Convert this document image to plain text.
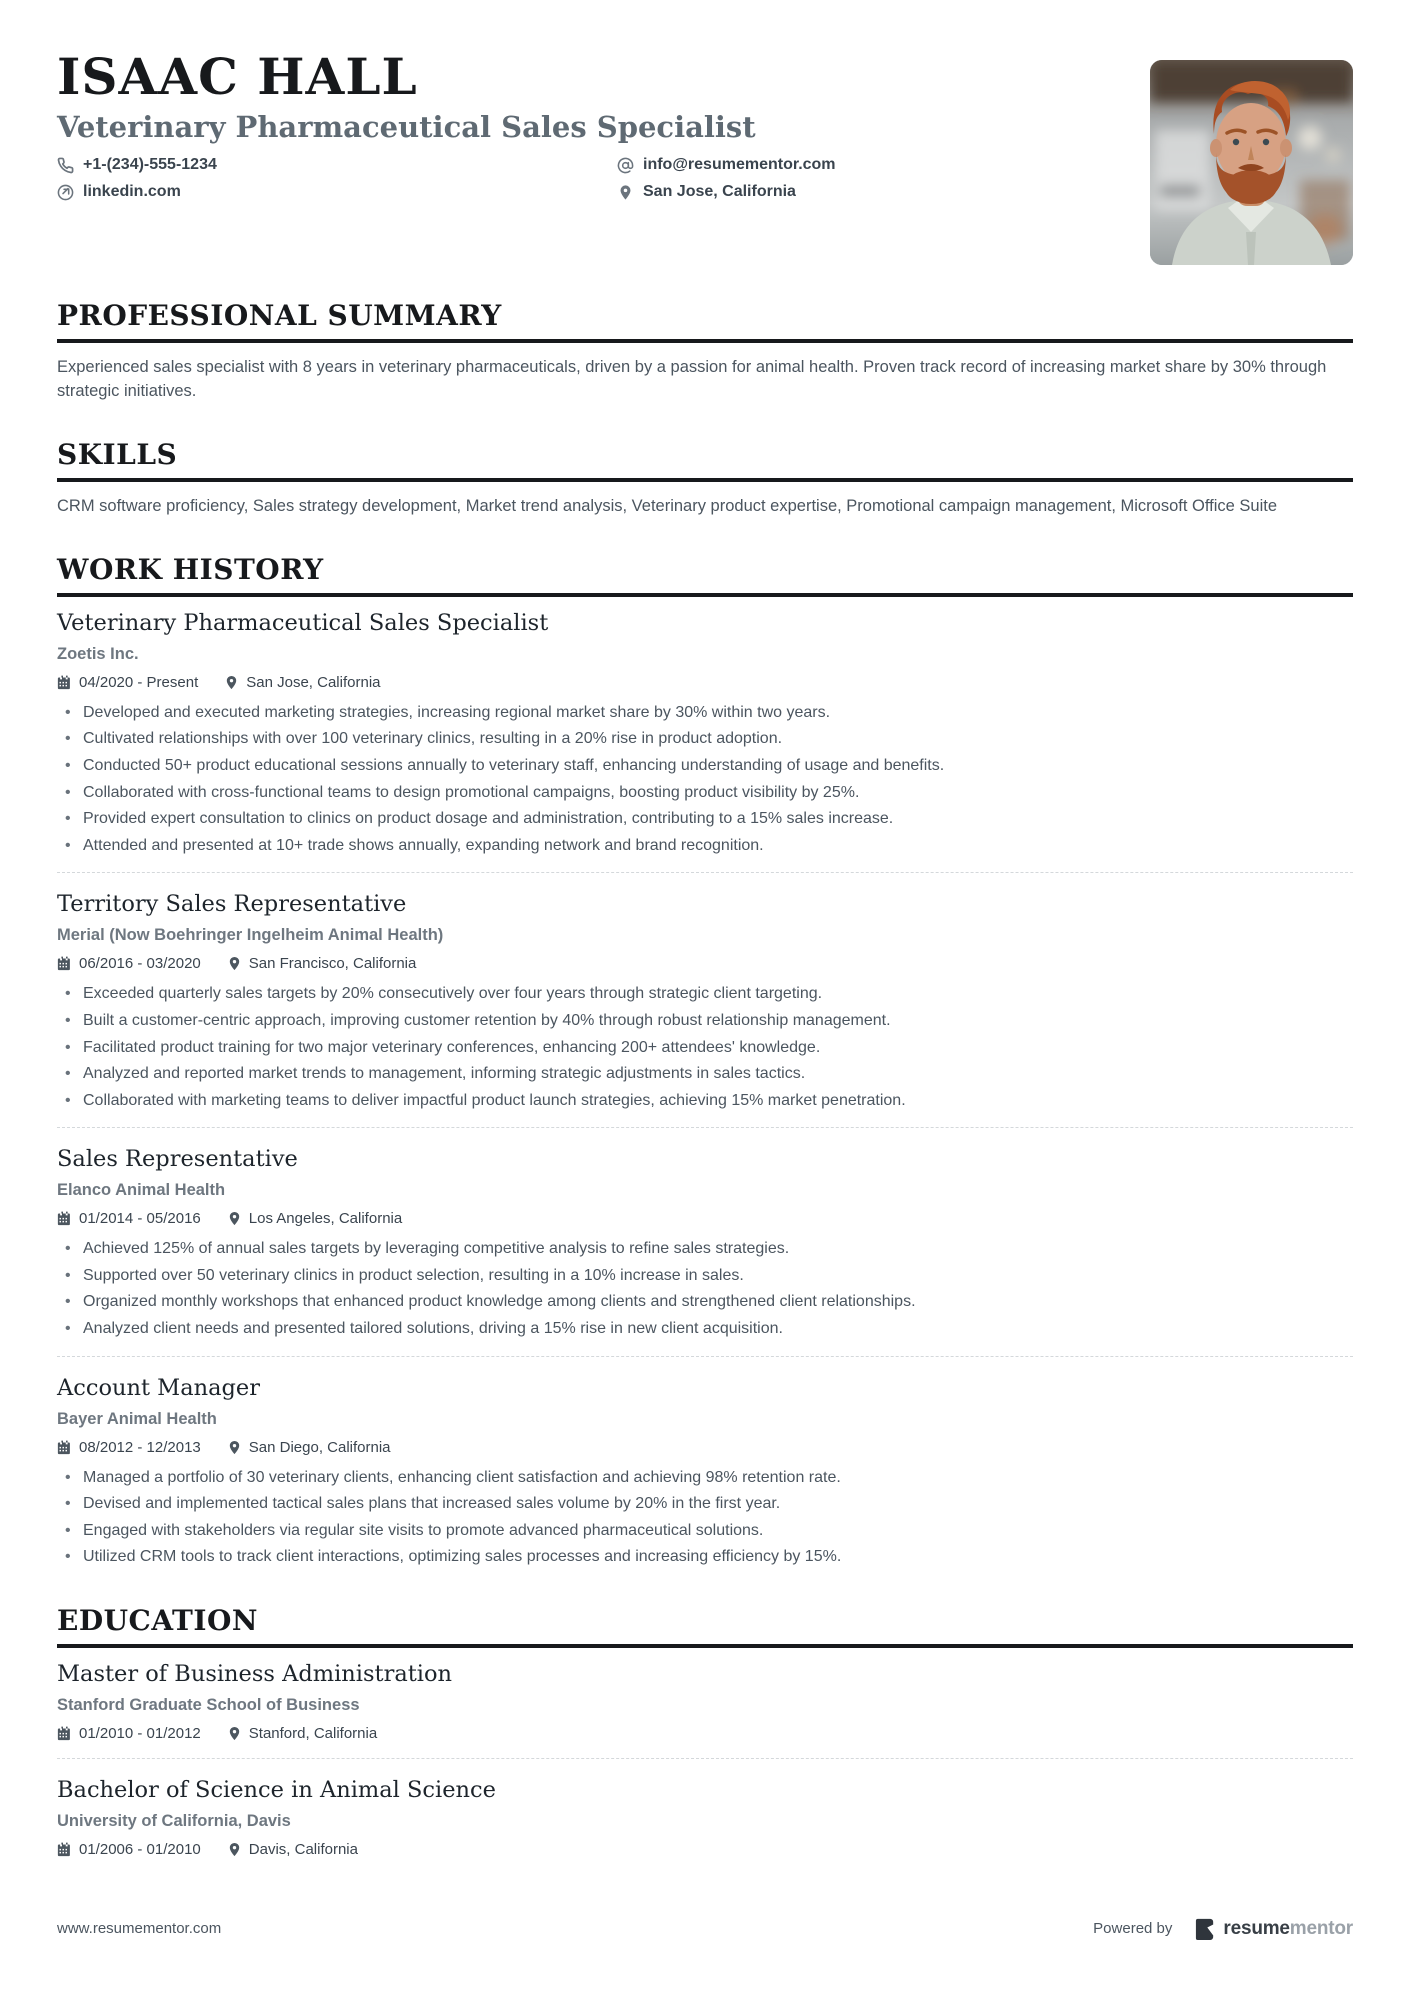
ISAAC HALL
Veterinary Pharmaceutical Sales Specialist
+1-(234)-555-1234	info@resumementor.com
linkedin.com	San Jose, California
PROFESSIONAL SUMMARY

Experienced sales specialist with 8 years in veterinary pharmaceuticals, driven by a passion for animal health. Proven track record of increasing market share by 30% through strategic initiatives.

SKILLS

CRM software proficiency, Sales strategy development, Market trend analysis, Veterinary product expertise, Promotional campaign management, Microsoft Office Suite

WORK HISTORY
Veterinary Pharmaceutical Sales Specialist
Zoetis Inc.
04/2020 - Present	San Jose, California
• Developed and executed marketing strategies, increasing regional market share by 30% within two years.
• Cultivated relationships with over 100 veterinary clinics, resulting in a 20% rise in product adoption.
• Conducted 50+ product educational sessions annually to veterinary staff, enhancing understanding of usage and benefits.
• Collaborated with cross-functional teams to design promotional campaigns, boosting product visibility by 25%.
• Provided expert consultation to clinics on product dosage and administration, contributing to a 15% sales increase.
• Attended and presented at 10+ trade shows annually, expanding network and brand recognition.
Territory Sales Representative
Merial (Now Boehringer Ingelheim Animal Health)
06/2016 - 03/2020	San Francisco, California
• Exceeded quarterly sales targets by 20% consecutively over four years through strategic client targeting.
• Built a customer-centric approach, improving customer retention by 40% through robust relationship management.
• Facilitated product training for two major veterinary conferences, enhancing 200+ attendees' knowledge.
• Analyzed and reported market trends to management, informing strategic adjustments in sales tactics.
• Collaborated with marketing teams to deliver impactful product launch strategies, achieving 15% market penetration.
Sales Representative
Elanco Animal Health
01/2014 - 05/2016	Los Angeles, California
• Achieved 125% of annual sales targets by leveraging competitive analysis to refine sales strategies.
• Supported over 50 veterinary clinics in product selection, resulting in a 10% increase in sales.
• Organized monthly workshops that enhanced product knowledge among clients and strengthened client relationships.
• Analyzed client needs and presented tailored solutions, driving a 15% rise in new client acquisition.
Account Manager
Bayer Animal Health
08/2012 - 12/2013	San Diego, California
• Managed a portfolio of 30 veterinary clients, enhancing client satisfaction and achieving 98% retention rate.
• Devised and implemented tactical sales plans that increased sales volume by 20% in the first year.
• Engaged with stakeholders via regular site visits to promote advanced pharmaceutical solutions.
• Utilized CRM tools to track client interactions, optimizing sales processes and increasing efficiency by 15%.
EDUCATION
Master of Business Administration
Stanford Graduate School of Business
01/2010 - 01/2012	Stanford, California
Bachelor of Science in Animal Science
University of California, Davis
01/2006 - 01/2010	Davis, California
www.resumementor.com	Powered by	resumementor
